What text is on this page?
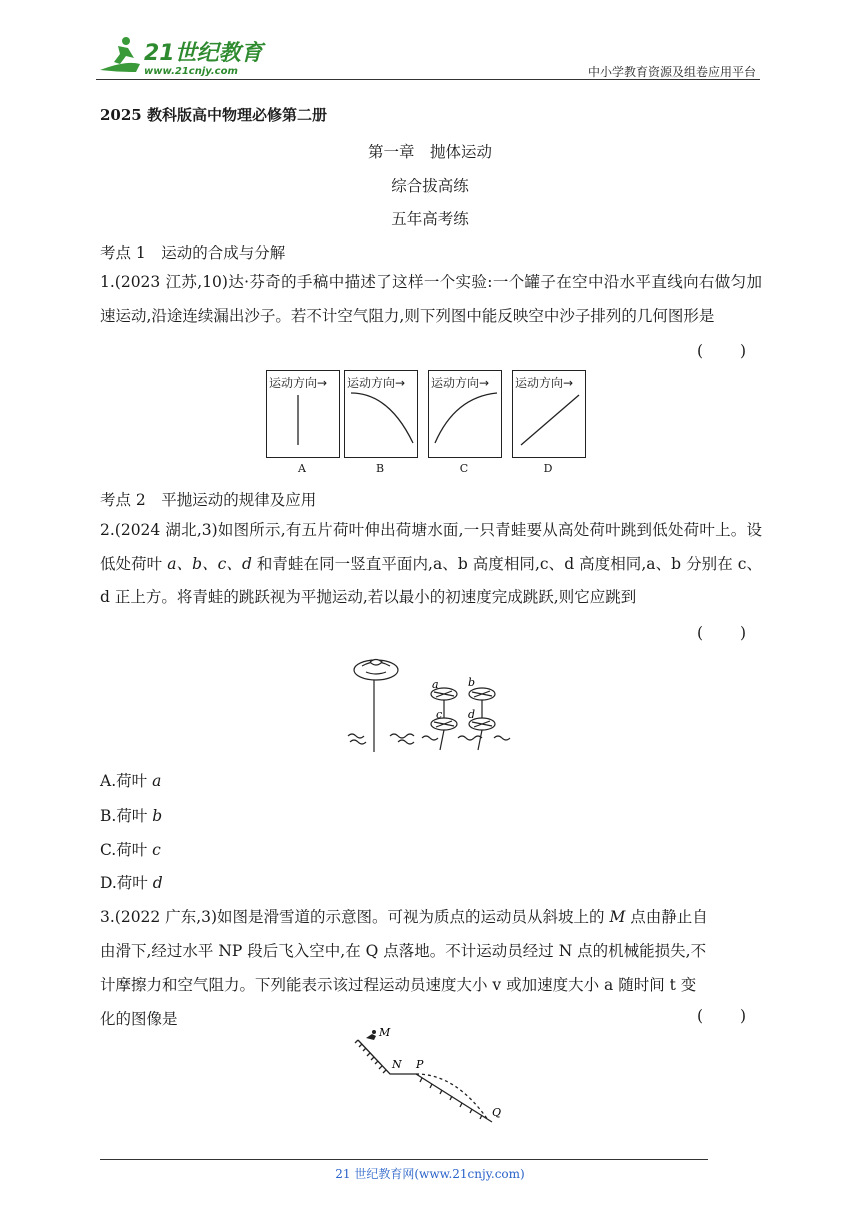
21世纪教育
www.21cnjy.com	中小学教育资源及组卷应用平台
2025 教科版高中物理必修第二册
第一章　抛体运动
综合拔高练
五年高考练
考点 1　运动的合成与分解
1.(2023 江苏,10)达·芬奇的手稿中描述了这样一个实验:一个罐子在空中沿水平直线向右做匀加速运动,沿途连续漏出沙子。若不计空气阻力,则下列图中能反映空中沙子排列的几何图形是
( )
运动方向→
A
运动方向→
B
运动方向→
C
运动方向→
D
考点 2　平抛运动的规律及应用
2.(2024 湖北,3)如图所示,有五片荷叶伸出荷塘水面,一只青蛙要从高处荷叶跳到低处荷叶上。设低处荷叶 a、b、c、d 和青蛙在同一竖直平面内,a、b 高度相同,c、d 高度相同,a、b 分别在 c、d 正上方。将青蛙的跳跃视为平抛运动,若以最小的初速度完成跳跃,则它应跳到
( )
a	b
c d
A.荷叶 a
B.荷叶 b
C.荷叶 c
D.荷叶 d
3.(2022 广东,3)如图是滑雪道的示意图。可视为质点的运动员从斜坡上的 M 点由静止自
由滑下,经过水平 NP 段后飞入空中,在 Q 点落地。不计运动员经过 N 点的机械能损失,不
计摩擦力和空气阻力。下列能表示该过程运动员速度大小 v 或加速度大小 a 随时间 t 变
化的图像是	( )
M
N P
Q
21 世纪教育网(www.21cnjy.com)
